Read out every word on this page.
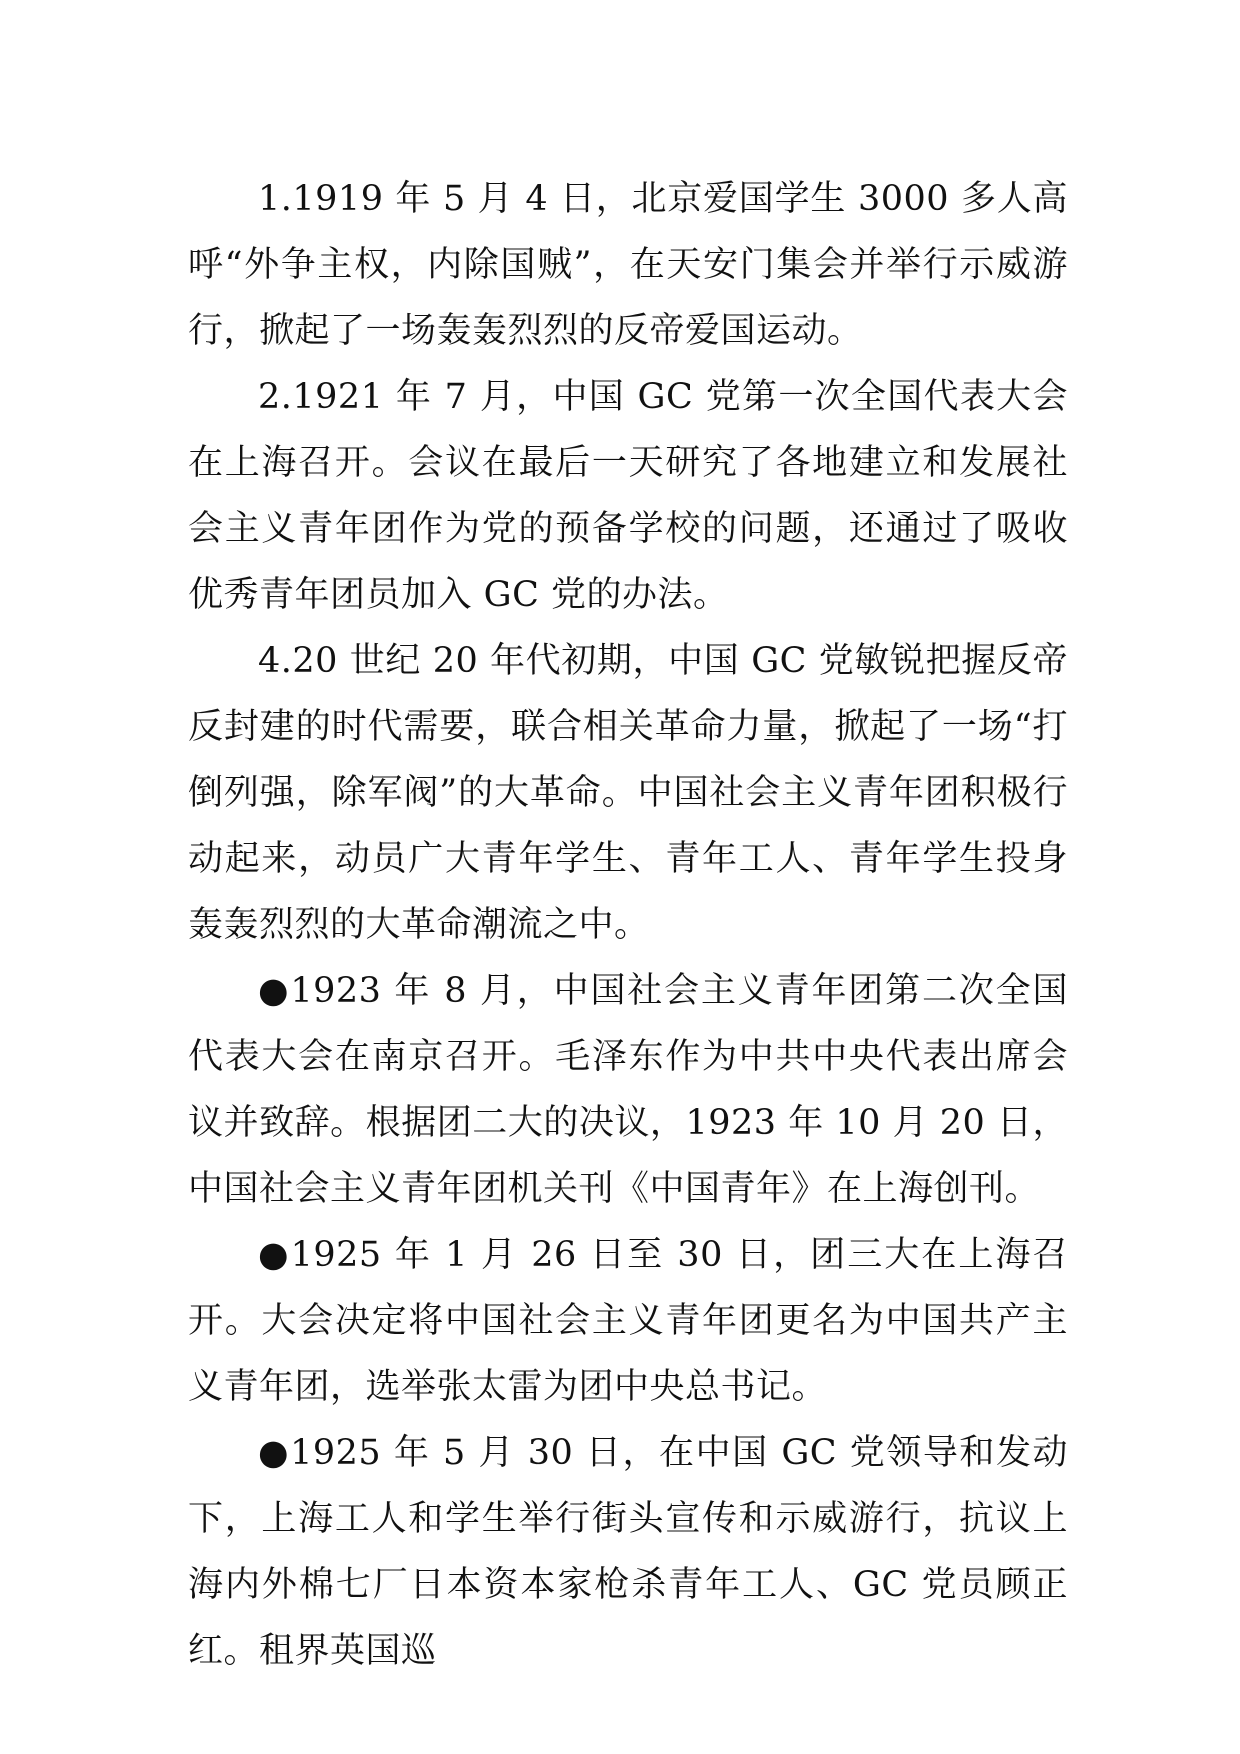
1.1919 年 5 月 4 日，北京爱国学生 3000 多人高呼“外争主权，内除国贼”，在天安门集会并举行示威游行，掀起了一场轰轰烈烈的反帝爱国运动。

2.1921 年 7 月，中国 GC 党第一次全国代表大会在上海召开。会议在最后一天研究了各地建立和发展社会主义青年团作为党的预备学校的问题，还通过了吸收优秀青年团员加入 GC 党的办法。

4.20 世纪 20 年代初期，中国 GC 党敏锐把握反帝反封建的时代需要，联合相关革命力量，掀起了一场“打倒列强，除军阀”的大革命。中国社会主义青年团积极行动起来，动员广大青年学生、青年工人、青年学生投身轰轰烈烈的大革命潮流之中。

●1923 年 8 月，中国社会主义青年团第二次全国代表大会在南京召开。毛泽东作为中共中央代表出席会议并致辞。根据团二大的决议，1923 年 10 月 20 日，中国社会主义青年团机关刊《中国青年》在上海创刊。

●1925 年 1 月 26 日至 30 日，团三大在上海召开。大会决定将中国社会主义青年团更名为中国共产主义青年团，选举张太雷为团中央总书记。

●1925 年 5 月 30 日，在中国 GC 党领导和发动下，上海工人和学生举行街头宣传和示威游行，抗议上海内外棉七厂日本资本家枪杀青年工人、GC 党员顾正红。租界英国巡
